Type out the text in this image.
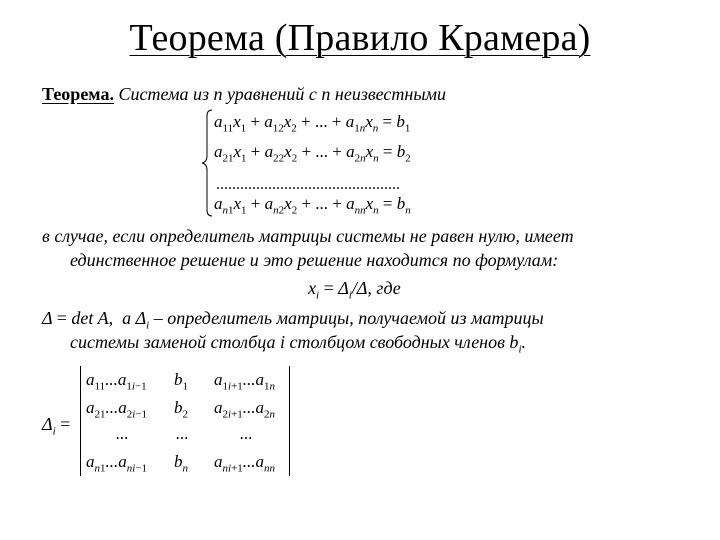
Теорема (Правило Крамера)
Теорема. Система из n уравнений с n неизвестными
$a_{11}x_1 + a_{12}x_2$ + ... + $a_{1n}x_n = b_1$
$a_{21}x_1 + a_{22}x_2$ + ... + $a_{2n}x_n = b_2$
..............................................
$a_{n1}x_1 + a_{n2}x_2$ + ... + $a_{nn}x_n = b_n$
в случае, если определитель матрицы системы не равен нулю, имеет
единственное решение и это решение находится по формулам:
$x_i = \Delta_i/\Delta$, где
Δ = det A,  а $\Delta_i$ – определитель матрицы, получаемой из матрицы
системы заменой столбца i столбцом свободных членов $b_i$.
$\Delta_i$ =
$a_{11}...a_{1i-1}$ $b_1$ $a_{1i+1}...a_{1n}$
$a_{21}...a_{2i-1}$ $b_2$ $a_{2i+1}...a_{2n}$
...	...	...
$a_{n1}...a_{ni-1}$ $b_n$ $a_{ni+1}...a_{nn}$
